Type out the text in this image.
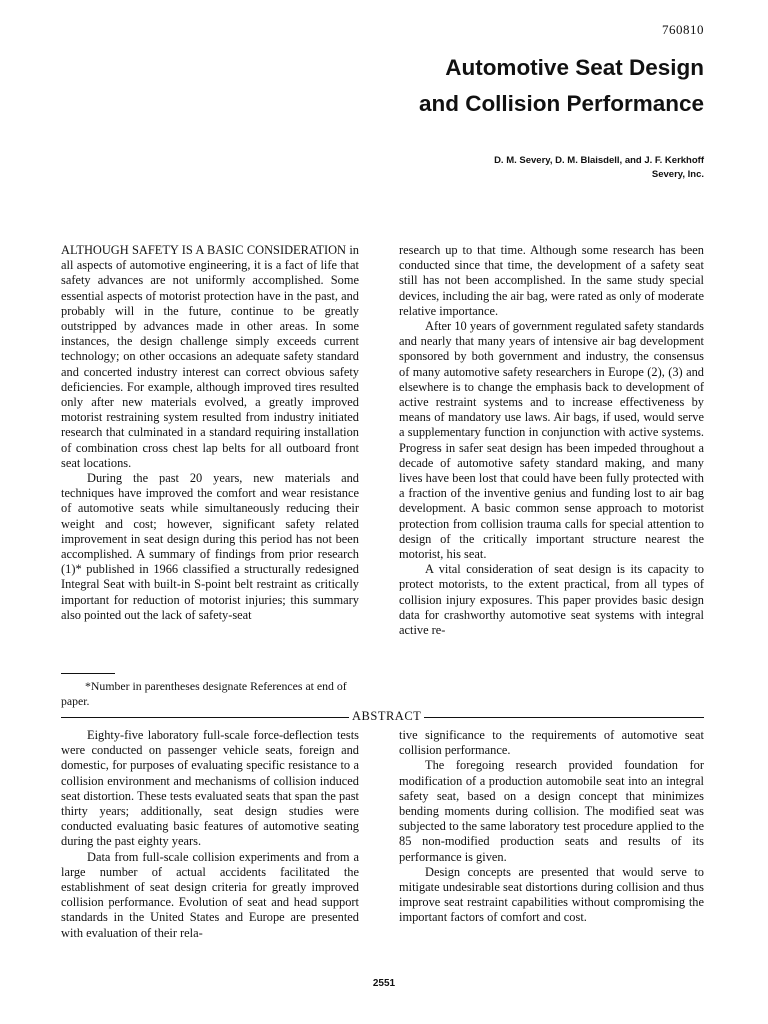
760810
Automotive Seat Design
and Collision Performance
D. M. Severy, D. M. Blaisdell, and J. F. Kerkhoff
Severy, Inc.

ALTHOUGH SAFETY IS A BASIC CONSIDERATION in all aspects of automotive engineering, it is a fact of life that safety advances are not uniformly accomplished. Some essential aspects of motorist protection have in the past, and probably will in the future, continue to be greatly outstripped by advances made in other areas. In some instances, the design challenge simply exceeds current technology; on other occasions an adequate safety standard and concerted industry interest can correct obvious safety deficiencies. For example, although improved tires resulted only after new materials evolved, a greatly improved motorist restraining system resulted from industry initiated research that culminated in a standard requiring installation of combination cross chest lap belts for all outboard front seat locations.

During the past 20 years, new materials and techniques have improved the comfort and wear resistance of automotive seats while simultaneously reducing their weight and cost; however, significant safety related improvement in seat design during this period has not been accomplished. A summary of findings from prior research (1)* published in 1966 classified a structurally redesigned Integral Seat with built-in S-point belt restraint as critically important for reduction of motorist injuries; this summary also pointed out the lack of safety-seat

research up to that time. Although some research has been conducted since that time, the development of a safety seat still has not been accomplished. In the same study special devices, including the air bag, were rated as only of moderate relative importance.

After 10 years of government regulated safety standards and nearly that many years of intensive air bag development sponsored by both government and industry, the consensus of many automotive safety researchers in Europe (2), (3) and elsewhere is to change the emphasis back to development of active restraint systems and to increase effectiveness by means of mandatory use laws. Air bags, if used, would serve a supplementary function in conjunction with active systems. Progress in safer seat design has been impeded throughout a decade of automotive safety standard making, and many lives have been lost that could have been fully protected with a fraction of the inventive genius and funding lost to air bag development. A basic common sense approach to motorist protection from collision trauma calls for special attention to design of the critically important structure nearest the motorist, his seat.

A vital consideration of seat design is its capacity to protect motorists, to the extent practical, from all types of collision injury exposures. This paper provides basic design data for crashworthy automotive seat systems with integral active re-

*Number in parentheses designate References at end of paper.

ABSTRACT

Eighty-five laboratory full-scale force-deflection tests were conducted on passenger vehicle seats, foreign and domestic, for purposes of evaluating specific resistance to a collision environment and mechanisms of collision induced seat distortion. These tests evaluated seats that span the past thirty years; additionally, seat design studies were conducted evaluating basic features of automotive seating during the past eighty years.

Data from full-scale collision experiments and from a large number of actual accidents facilitated the establishment of seat design criteria for greatly improved collision performance. Evolution of seat and head support standards in the United States and Europe are presented with evaluation of their rela-

tive significance to the requirements of automotive seat collision performance.

The foregoing research provided foundation for modification of a production automobile seat into an integral safety seat, based on a design concept that minimizes bending moments during collision. The modified seat was subjected to the same laboratory test procedure applied to the 85 non-modified production seats and results of its performance is given.

Design concepts are presented that would serve to mitigate undesirable seat distortions during collision and thus improve seat restraint capabilities without compromising the important factors of comfort and cost.

2551
